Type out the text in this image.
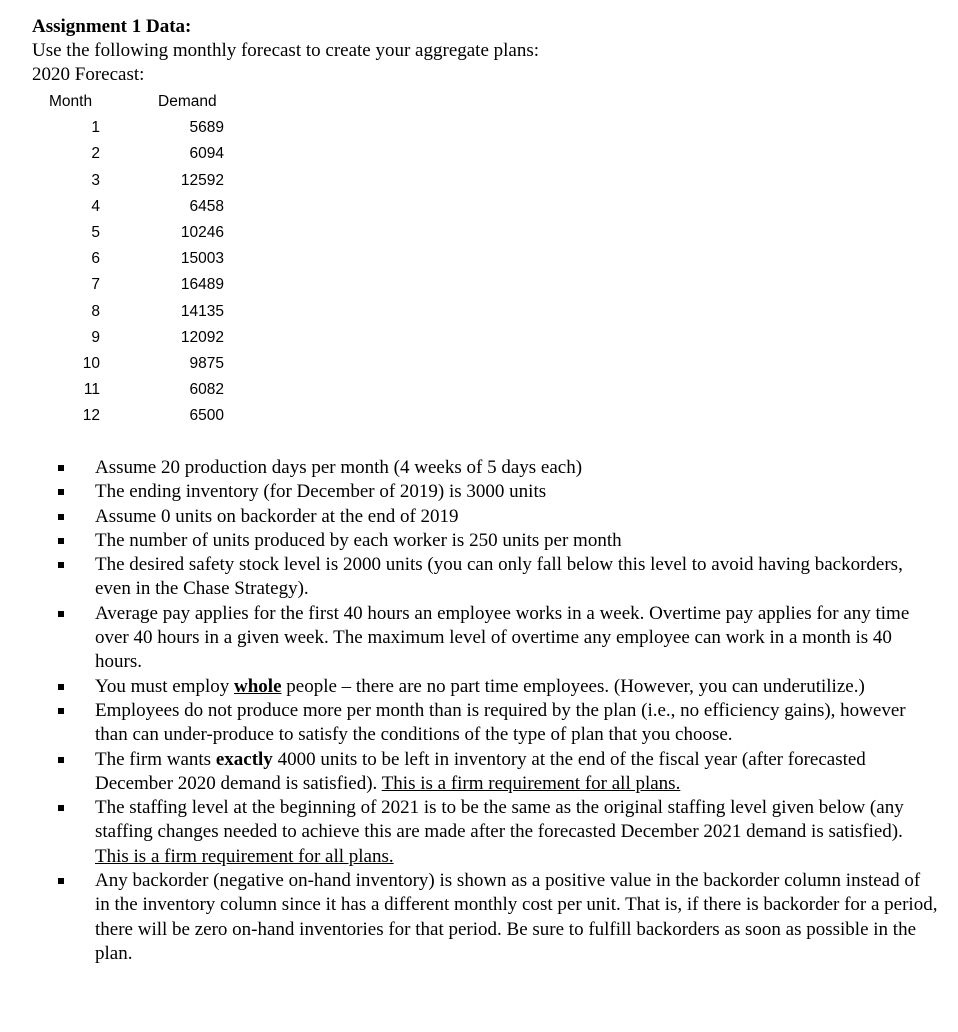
Assignment 1 Data:
Use the following monthly forecast to create your aggregate plans:
2020 Forecast:
Month	Demand
1	5689
2	6094
3	12592
4	6458
5	10246
6	15003
7	16489
8	14135
9	12092
10	9875
11	6082
12	6500
Assume 20 production days per month (4 weeks of 5 days each)
The ending inventory (for December of 2019) is 3000 units
Assume 0 units on backorder at the end of 2019
The number of units produced by each worker is 250 units per month
The desired safety stock level is 2000 units (you can only fall below this level to avoid having backorders, even in the Chase Strategy).
Average pay applies for the first 40 hours an employee works in a week. Overtime pay applies for any time over 40 hours in a given week. The maximum level of overtime any employee can work in a month is 40 hours.
You must employ whole people – there are no part time employees. (However, you can underutilize.)
Employees do not produce more per month than is required by the plan (i.e., no efficiency gains), however than can under-produce to satisfy the conditions of the type of plan that you choose.
The firm wants exactly 4000 units to be left in inventory at the end of the fiscal year (after forecasted December 2020 demand is satisfied). This is a firm requirement for all plans.
The staffing level at the beginning of 2021 is to be the same as the original staffing level given below (any staffing changes needed to achieve this are made after the forecasted December 2021 demand is satisfied).  This is a firm requirement for all plans.
Any backorder (negative on-hand inventory) is shown as a positive value in the backorder column instead of in the inventory column since it has a different monthly cost per unit. That is, if there is backorder for a period, there will be zero on-hand inventories for that period. Be sure to fulfill backorders as soon as possible in the plan.
